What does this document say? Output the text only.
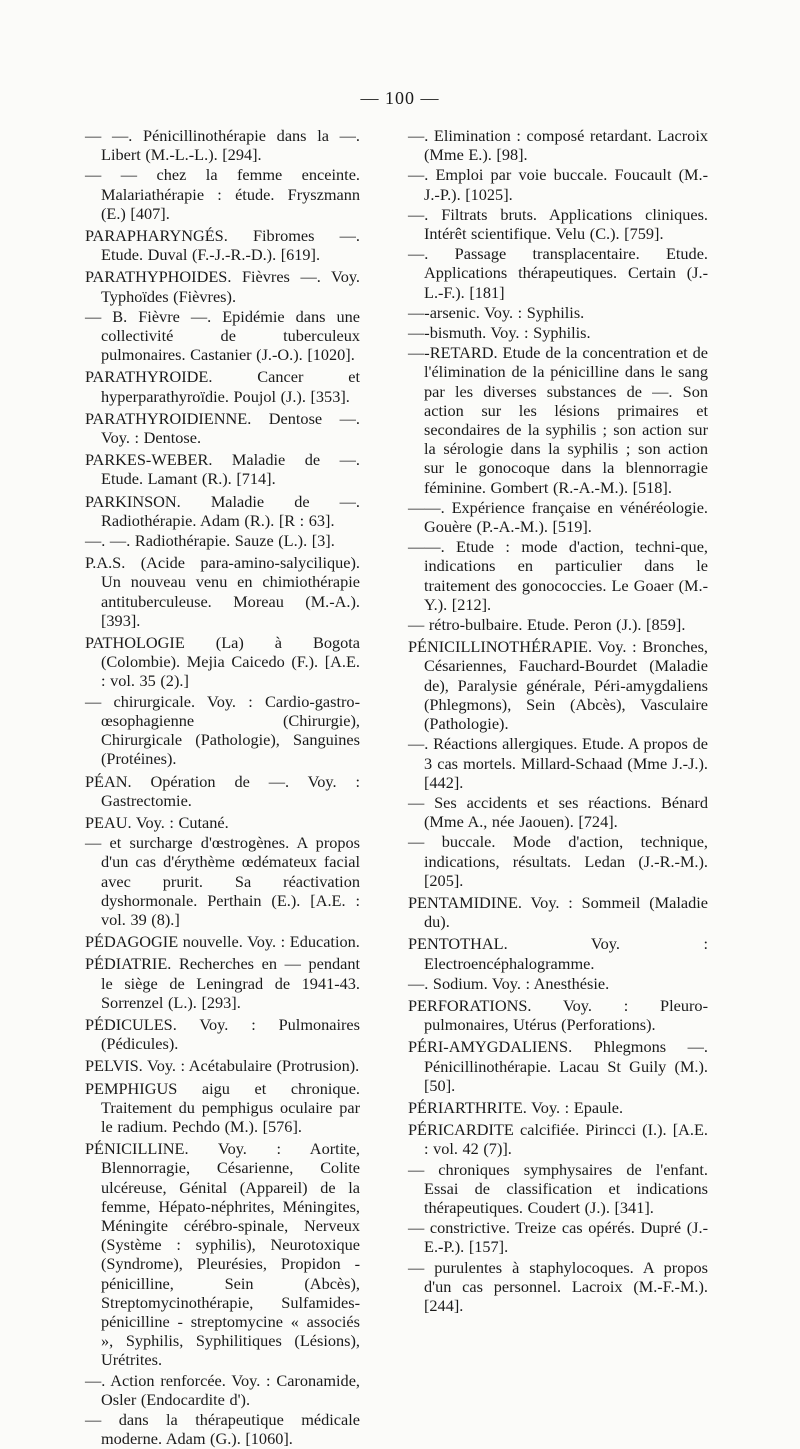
— 100 —

— —. Pénicillinothérapie dans la —. Libert (M.-L.-L.). [294].

— — chez la femme enceinte. Malariathérapie : étude. Fryszmann (E.) [407].

PARAPHARYNGÉS. Fibromes —. Etude. Duval (F.-J.-R.-D.). [619].

PARATHYPHOIDES. Fièvres —. Voy. Typhoïdes (Fièvres).

— B. Fièvre —. Epidémie dans une collectivité de tuberculeux pulmonaires. Castanier (J.-O.). [1020].

PARATHYROIDE. Cancer et hyperparathyroïdie. Poujol (J.). [353].

PARATHYROIDIENNE. Dentose —. Voy. : Dentose.

PARKES-WEBER. Maladie de —. Etude. Lamant (R.). [714].

PARKINSON. Maladie de —. Radiothérapie. Adam (R.). [R : 63].

—. —. Radiothérapie. Sauze (L.). [3].

P.A.S. (Acide para-amino-salycilique). Un nouveau venu en chimiothérapie antituberculeuse. Moreau (M.-A.). [393].

PATHOLOGIE (La) à Bogota (Colombie). Mejia Caicedo (F.). [A.E. : vol. 35 (2).]

— chirurgicale. Voy. : Cardio-gastro-œsophagienne (Chirurgie), Chirurgicale (Pathologie), Sanguines (Protéines).

PÉAN. Opération de —. Voy. : Gastrectomie.

PEAU. Voy. : Cutané.

— et surcharge d'œstrogènes. A propos d'un cas d'érythème œdémateux facial avec prurit. Sa réactivation dyshormonale. Perthain (E.). [A.E. : vol. 39 (8).]

PÉDAGOGIE nouvelle. Voy. : Education.

PÉDIATRIE. Recherches en — pendant le siège de Leningrad de 1941-43. Sorrenzel (L.). [293].

PÉDICULES. Voy. : Pulmonaires (Pédicules).

PELVIS. Voy. : Acétabulaire (Protrusion).

PEMPHIGUS aigu et chronique. Traitement du pemphigus oculaire par le radium. Pechdo (M.). [576].

PÉNICILLINE. Voy. : Aortite, Blennorragie, Césarienne, Colite ulcéreuse, Génital (Appareil) de la femme, Hépato-néphrites, Méningites, Méningite cérébro-spinale, Nerveux (Système : syphilis), Neurotoxique (Syndrome), Pleurésies, Propidon - pénicilline, Sein (Abcès), Streptomycinothérapie, Sulfamides-pénicilline - streptomycine « associés », Syphilis, Syphilitiques (Lésions), Urétrites.

—. Action renforcée. Voy. : Caronamide, Osler (Endocardite d').

— dans la thérapeutique médicale moderne. Adam (G.). [1060].

—. Elimination : composé retardant. Lacroix (Mme E.). [98].

—. Emploi par voie buccale. Foucault (M.-J.-P.). [1025].

—. Filtrats bruts. Applications cliniques. Intérêt scientifique. Velu (C.). [759].

—. Passage transplacentaire. Etude. Applications thérapeutiques. Certain (J.-L.-F.). [181]

—-arsenic. Voy. : Syphilis.

—-bismuth. Voy. : Syphilis.

—-RETARD. Etude de la concentration et de l'élimination de la pénicilline dans le sang par les diverses substances de —. Son action sur les lésions primaires et secondaires de la syphilis ; son action sur la sérologie dans la syphilis ; son action sur le gonocoque dans la blennorragie féminine. Gombert (R.-A.-M.). [518].

——. Expérience française en vénéréologie. Gouère (P.-A.-M.). [519].

——. Etude : mode d'action, techni-que, indications en particulier dans le traitement des gonococcies. Le Goaer (M.-Y.). [212].

— rétro-bulbaire. Etude. Peron (J.). [859].

PÉNICILLINOTHÉRAPIE. Voy. : Bronches, Césariennes, Fauchard-Bourdet (Maladie de), Paralysie générale, Péri-amygdaliens (Phlegmons), Sein (Abcès), Vasculaire (Pathologie).

—. Réactions allergiques. Etude. A propos de 3 cas mortels. Millard-Schaad (Mme J.-J.). [442].

— Ses accidents et ses réactions. Bénard (Mme A., née Jaouen). [724].

— buccale. Mode d'action, technique, indications, résultats. Ledan (J.-R.-M.). [205].

PENTAMIDINE. Voy. : Sommeil (Maladie du).

PENTOTHAL. Voy. : Electroencéphalogramme.

—. Sodium. Voy. : Anesthésie.

PERFORATIONS. Voy. : Pleuro-pulmonaires, Utérus (Perforations).

PÉRI-AMYGDALIENS. Phlegmons —. Pénicillinothérapie. Lacau St Guily (M.). [50].

PÉRIARTHRITE. Voy. : Epaule.

PÉRICARDITE calcifiée. Pirincci (I.). [A.E. : vol. 42 (7)].

— chroniques symphysaires de l'enfant. Essai de classification et indications thérapeutiques. Coudert (J.). [341].

— constrictive. Treize cas opérés. Dupré (J.-E.-P.). [157].

— purulentes à staphylocoques. A propos d'un cas personnel. Lacroix (M.-F.-M.). [244].
